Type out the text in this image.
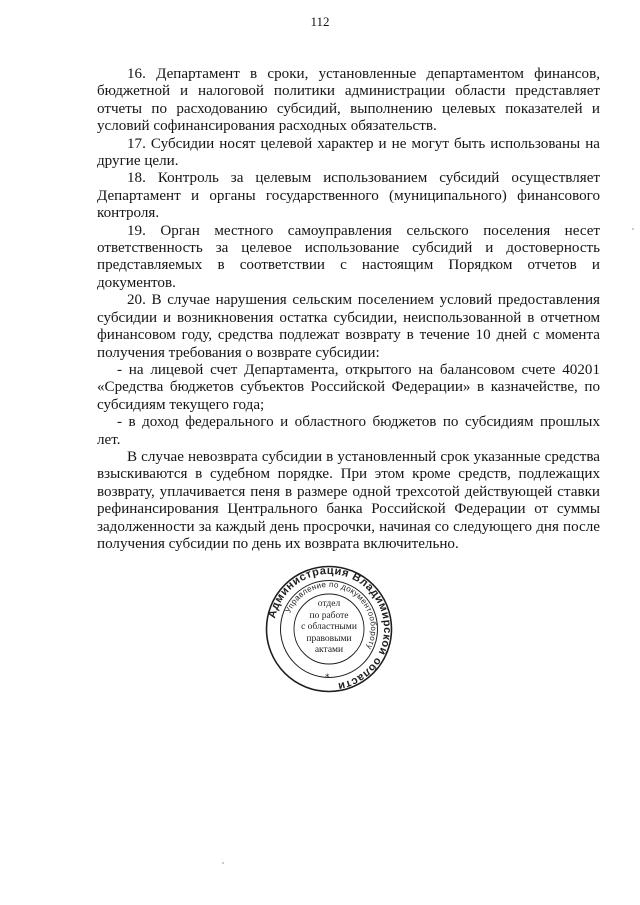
112

16. Департамент в сроки, установленные департаментом финансов, бюджетной и налоговой политики администрации области представляет отчеты по расходованию субсидий, выполнению целевых показателей и условий софинансирования расходных обязательств.

17. Субсидии носят целевой характер и не могут быть использованы на другие цели.

18. Контроль за целевым использованием субсидий осуществляет Департамент и органы государственного (муниципального) финансового контроля.

19. Орган местного самоуправления сельского поселения несет ответственность за целевое использование субсидий и достоверность представляемых в соответствии с настоящим Порядком отчетов и документов.

20. В случае нарушения сельским поселением условий предоставления субсидии и возникновения остатка субсидии, неиспользованной в отчетном финансовом году, средства подлежат возврату в течение 10 дней с момента получения требования о возврате субсидии:

- на лицевой счет Департамента, открытого на балансовом счете 40201 «Средства бюджетов субъектов Российской Федерации» в казначействе, по субсидиям текущего года;

- в доход федерального и областного бюджетов по субсидиям прошлых лет.

В случае невозврата субсидии в установленный срок указанные средства взыскиваются в судебном порядке. При этом кроме средств, подлежащих возврату, уплачивается пеня в размере одной трехсотой действующей ставки рефинансирования Центрального банка Российской Федерации от суммы задолженности за каждый день просрочки, начиная со следующего дня после получения субсидии по день их возврата включительно.

Администрация Владимирской области
Управление по документообороту
*
отдел
по работе
с областными
правовыми
актами
